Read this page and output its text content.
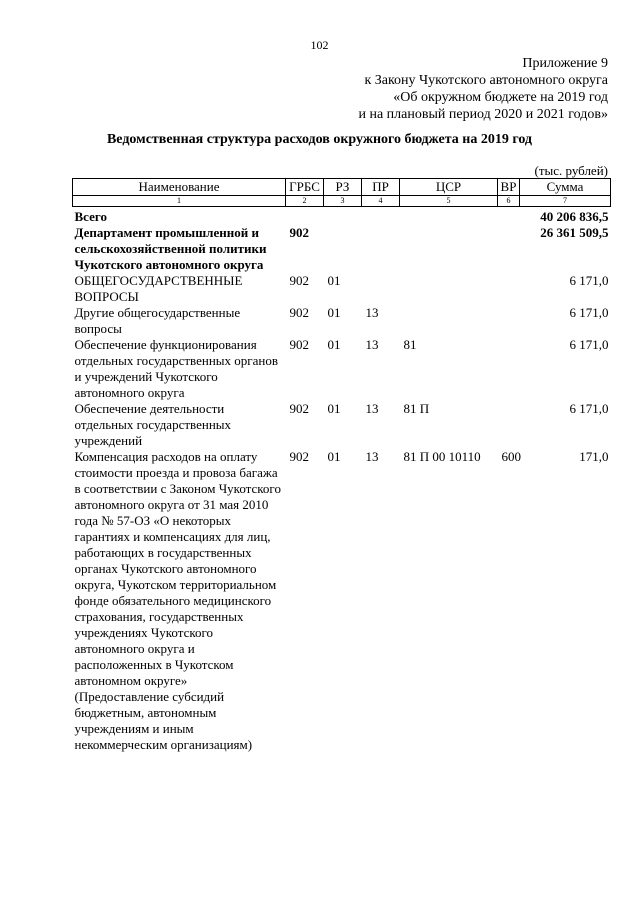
102
Приложение 9
к Закону Чукотского автономного округа
«Об окружном бюджете на 2019 год
и на плановый период 2020 и 2021 годов»
Ведомственная структура расходов окружного бюджета на 2019 год
(тыс. рублей)
Наименование	ГРБС	РЗ	ПР	ЦСР	ВР	Сумма
1	2	3	4	5	6	7
Всего						40 206 836,5
Департамент промышленной и сельскохозяйственной политики Чукотского автономного округа	902					26 361 509,5
ОБЩЕГОСУДАРСТВЕННЫЕ ВОПРОСЫ	902	01				6 171,0
Другие общегосударственные вопросы	902	01	13			6 171,0
Обеспечение функционирования отдельных государственных органов и учреждений Чукотского автономного округа	902	01	13	81		6 171,0
Обеспечение деятельности отдельных государственных учреждений	902	01	13	81 П		6 171,0
Компенсация расходов на оплату стоимости проезда и провоза багажа в соответствии с Законом Чукотского автономного округа от 31 мая 2010 года № 57-ОЗ «О некоторых гарантиях и компенсациях для лиц, работающих в государственных органах Чукотского автономного округа, Чукотском территориальном фонде обязательного медицинского страхования, государственных учреждениях Чукотского автономного округа и расположенных в Чукотском автономном округе» (Предоставление субсидий бюджетным, автономным учреждениям и иным некоммерческим организациям)	902	01	13	81 П 00 10110	600	171,0
